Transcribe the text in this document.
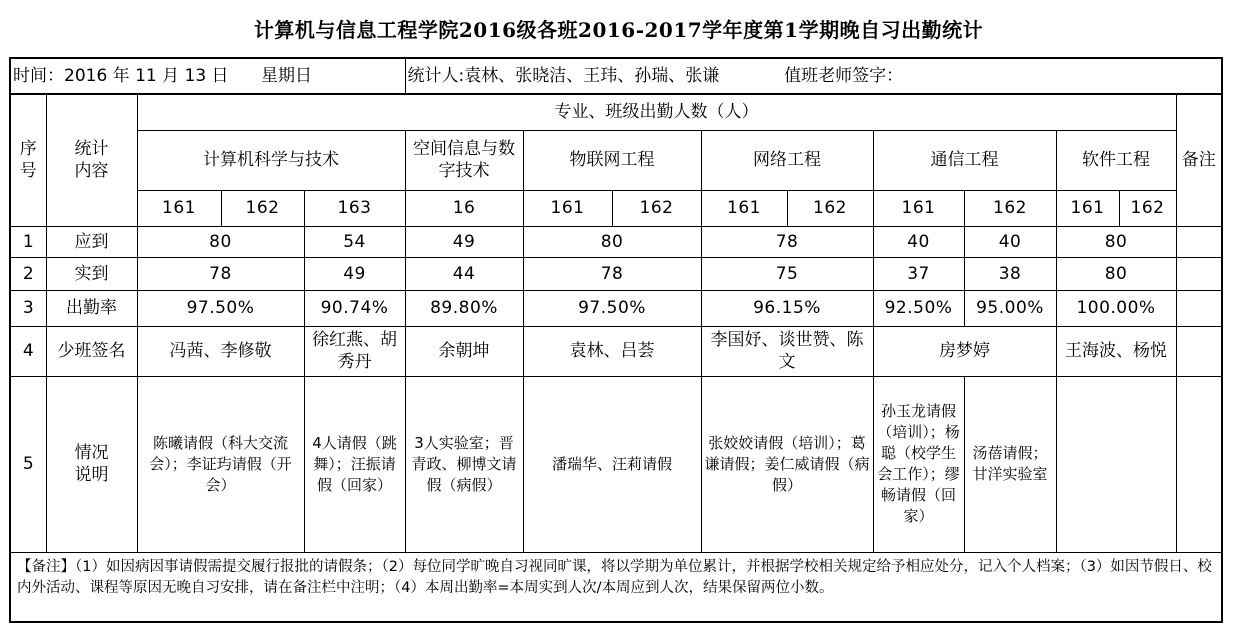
计算机与信息工程学院2016级各班2016-2017学年度第1学期晚自习出勤统计
时间：2016 年 11 月 13 日 星期日					统计人:袁林、张晓洁、王玮、孙瑞、张谦 值班老师签字：									
序号	统计
内容	专业、班级出勤人数（人）												备注
		计算机科学与技术			空间信息与数字技术	物联网工程		网络工程		通信工程		软件工程		
		161	162	163	16	161	162	161	162	161	162	161	162	
1	应到	80		54	49	80		78		40	40	80		
2	实到	78		49	44	78		75		37	38	80		
3	出勤率	97.50%		90.74%	89.80%	97.50%		96.15%		92.50%	95.00%	100.00%		
4	少班签名	冯茜、李修敬		徐红燕、胡秀丹	余朝坤	袁林、吕荟		李国妤、谈世赞、陈文		房梦婷		王海波、杨悦		
5	情况
说明	陈曦请假（科大交流会）；李证玙请假（开会）		4人请假（跳舞）；汪振请假（回家）	3人实验室；晋青政、柳博文请假（病假）	潘瑞华、汪莉请假		张姣姣请假（培训）；葛谦请假；姜仁威请假（病假）		孙玉龙请假（培训）；杨聪（校学生会工作）；缪畅请假（回家）	汤蓓请假；甘洋实验室			
【备注】（1）如因病因事请假需提交履行报批的请假条；（2）每位同学旷晚自习视同旷课，将以学期为单位累计，并根据学校相关规定给予相应处分，记入个人档案；（3）如因节假日、校内外活动、课程等原因无晚自习安排，请在备注栏中注明；（4）本周出勤率=本周实到人次/本周应到人次，结果保留两位小数。														
